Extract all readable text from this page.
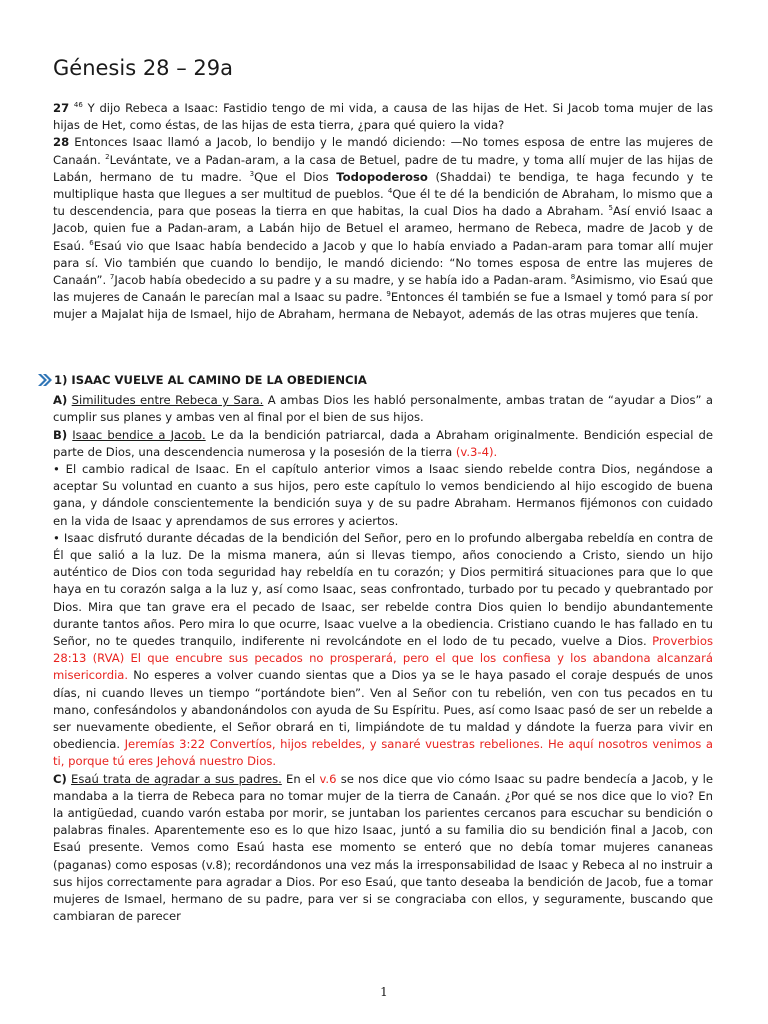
Génesis 28 – 29a
27 $^{46}$ Y dijo Rebeca a Isaac: Fastidio tengo de mi vida, a causa de las hijas de Het. Si Jacob toma mujer de las hijas de Het, como éstas, de las hijas de esta tierra, ¿para qué quiero la vida?
28 Entonces Isaac llamó a Jacob, lo bendijo y le mandó diciendo: —No tomes esposa de entre las mujeres de Canaán. $^2$Levántate, ve a Padan-aram, a la casa de Betuel, padre de tu madre, y toma allí mujer de las hijas de Labán, hermano de tu madre. $^3$Que el Dios Todopoderoso (Shaddai) te bendiga, te haga fecundo y te multiplique hasta que llegues a ser multitud de pueblos. $^4$Que él te dé la bendición de Abraham, lo mismo que a tu descendencia, para que poseas la tierra en que habitas, la cual Dios ha dado a Abraham. $^5$Así envió Isaac a Jacob, quien fue a Padan-aram, a Labán hijo de Betuel el arameo, hermano de Rebeca, madre de Jacob y de Esaú. $^6$Esaú vio que Isaac había bendecido a Jacob y que lo había enviado a Padan-aram para tomar allí mujer para sí. Vio también que cuando lo bendijo, le mandó diciendo: “No tomes esposa de entre las mujeres de Canaán”. $^7$Jacob había obedecido a su padre y a su madre, y se había ido a Padan-aram. $^8$Asimismo, vio Esaú que las mujeres de Canaán le parecían mal a Isaac su padre. $^9$Entonces él también se fue a Ismael y tomó para sí por mujer a Majalat hija de Ismael, hijo de Abraham, hermana de Nebayot, además de las otras mujeres que tenía.
1) ISAAC VUELVE AL CAMINO DE LA OBEDIENCIA
A) Similitudes entre Rebeca y Sara. A ambas Dios les habló personalmente, ambas tratan de “ayudar a Dios” a cumplir sus planes y ambas ven al final por el bien de sus hijos.
B) Isaac bendice a Jacob. Le da la bendición patriarcal, dada a Abraham originalmente. Bendición especial de parte de Dios, una descendencia numerosa y la posesión de la tierra (v.3-4).
• El cambio radical de Isaac. En el capítulo anterior vimos a Isaac siendo rebelde contra Dios, negándose a aceptar Su voluntad en cuanto a sus hijos, pero este capítulo lo vemos bendiciendo al hijo escogido de buena gana, y dándole conscientemente la bendición suya y de su padre Abraham. Hermanos fijémonos con cuidado en la vida de Isaac y aprendamos de sus errores y aciertos.
• Isaac disfrutó durante décadas de la bendición del Señor, pero en lo profundo albergaba rebeldía en contra de Él que salió a la luz. De la misma manera, aún si llevas tiempo, años conociendo a Cristo, siendo un hijo auténtico de Dios con toda seguridad hay rebeldía en tu corazón; y Dios permitirá situaciones para que lo que haya en tu corazón salga a la luz y, así como Isaac, seas confrontado, turbado por tu pecado y quebrantado por Dios. Mira que tan grave era el pecado de Isaac, ser rebelde contra Dios quien lo bendijo abundantemente durante tantos años. Pero mira lo que ocurre, Isaac vuelve a la obediencia. Cristiano cuando le has fallado en tu Señor, no te quedes tranquilo, indiferente ni revolcándote en el lodo de tu pecado, vuelve a Dios. Proverbios 28:13 (RVA) El que encubre sus pecados no prosperará, pero el que los confiesa y los abandona alcanzará misericordia. No esperes a volver cuando sientas que a Dios ya se le haya pasado el coraje después de unos días, ni cuando lleves un tiempo “portándote bien”. Ven al Señor con tu rebelión, ven con tus pecados en tu mano, confesándolos y abandonándolos con ayuda de Su Espíritu. Pues, así como Isaac pasó de ser un rebelde a ser nuevamente obediente, el Señor obrará en ti, limpiándote de tu maldad y dándote la fuerza para vivir en obediencia. Jeremías 3:22 Convertíos, hijos rebeldes, y sanaré vuestras rebeliones. He aquí nosotros venimos a ti, porque tú eres Jehová nuestro Dios.
C) Esaú trata de agradar a sus padres. En el v.6 se nos dice que vio cómo Isaac su padre bendecía a Jacob, y le mandaba a la tierra de Rebeca para no tomar mujer de la tierra de Canaán. ¿Por qué se nos dice que lo vio? En la antigüedad, cuando varón estaba por morir, se juntaban los parientes cercanos para escuchar su bendición o palabras finales. Aparentemente eso es lo que hizo Isaac, juntó a su familia dio su bendición final a Jacob, con Esaú presente. Vemos como Esaú hasta ese momento se enteró que no debía tomar mujeres cananeas (paganas) como esposas (v.8); recordándonos una vez más la irresponsabilidad de Isaac y Rebeca al no instruir a sus hijos correctamente para agradar a Dios. Por eso Esaú, que tanto deseaba la bendición de Jacob, fue a tomar mujeres de Ismael, hermano de su padre, para ver si se congraciaba con ellos, y seguramente, buscando que cambiaran de parecer
1
